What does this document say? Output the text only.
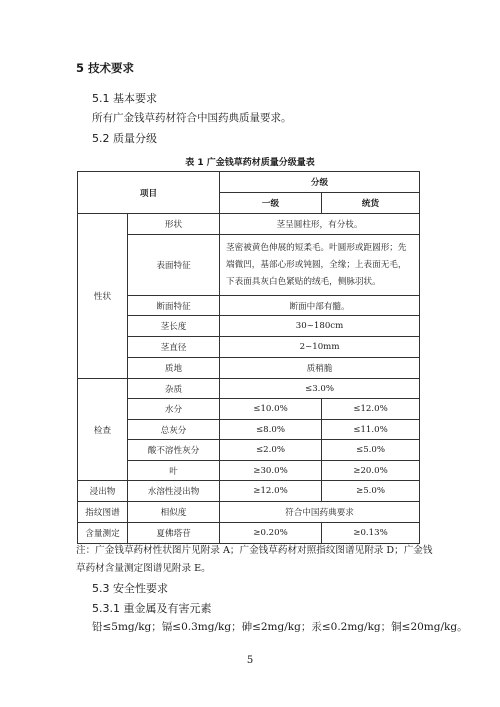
5 技术要求
5.1 基本要求
所有广金钱草药材符合中国药典质量要求。
5.2 质量分级
表 1 广金钱草药材质量分级量表
项目		分级	
		一级	统货
性状	形状	茎呈圆柱形，有分枝。	
	表面特征	茎密被黄色伸展的短柔毛。叶圆形或距圆形；先端微凹，基部心形或钝圆，全缘；上表面无毛，下表面具灰白色紧贴的绒毛，侧脉羽状。	
	断面特征	断面中部有髓。	
	茎长度	30~180cm	
	茎直径	2~10mm	
	质地	质稍脆	
检查	杂质	≤3.0%	
	水分	≤10.0%	≤12.0%
	总灰分	≤8.0%	≤11.0%
	酸不溶性灰分	≤2.0%	≤5.0%
	叶	≥30.0%	≥20.0%
浸出物	水溶性浸出物	≥12.0%	≥5.0%
指纹图谱	相似度	符合中国药典要求	
含量测定	夏佛塔苷	≥0.20%	≥0.13%
注：广金钱草药材性状图片见附录 A；广金钱草药材对照指纹图谱见附录 D；广金钱
草药材含量测定图谱见附录 E。
5.3 安全性要求
5.3.1 重金属及有害元素
铅≤5mg/kg；镉≤0.3mg/kg；砷≤2mg/kg；汞≤0.2mg/kg；铜≤20mg/kg。
5
